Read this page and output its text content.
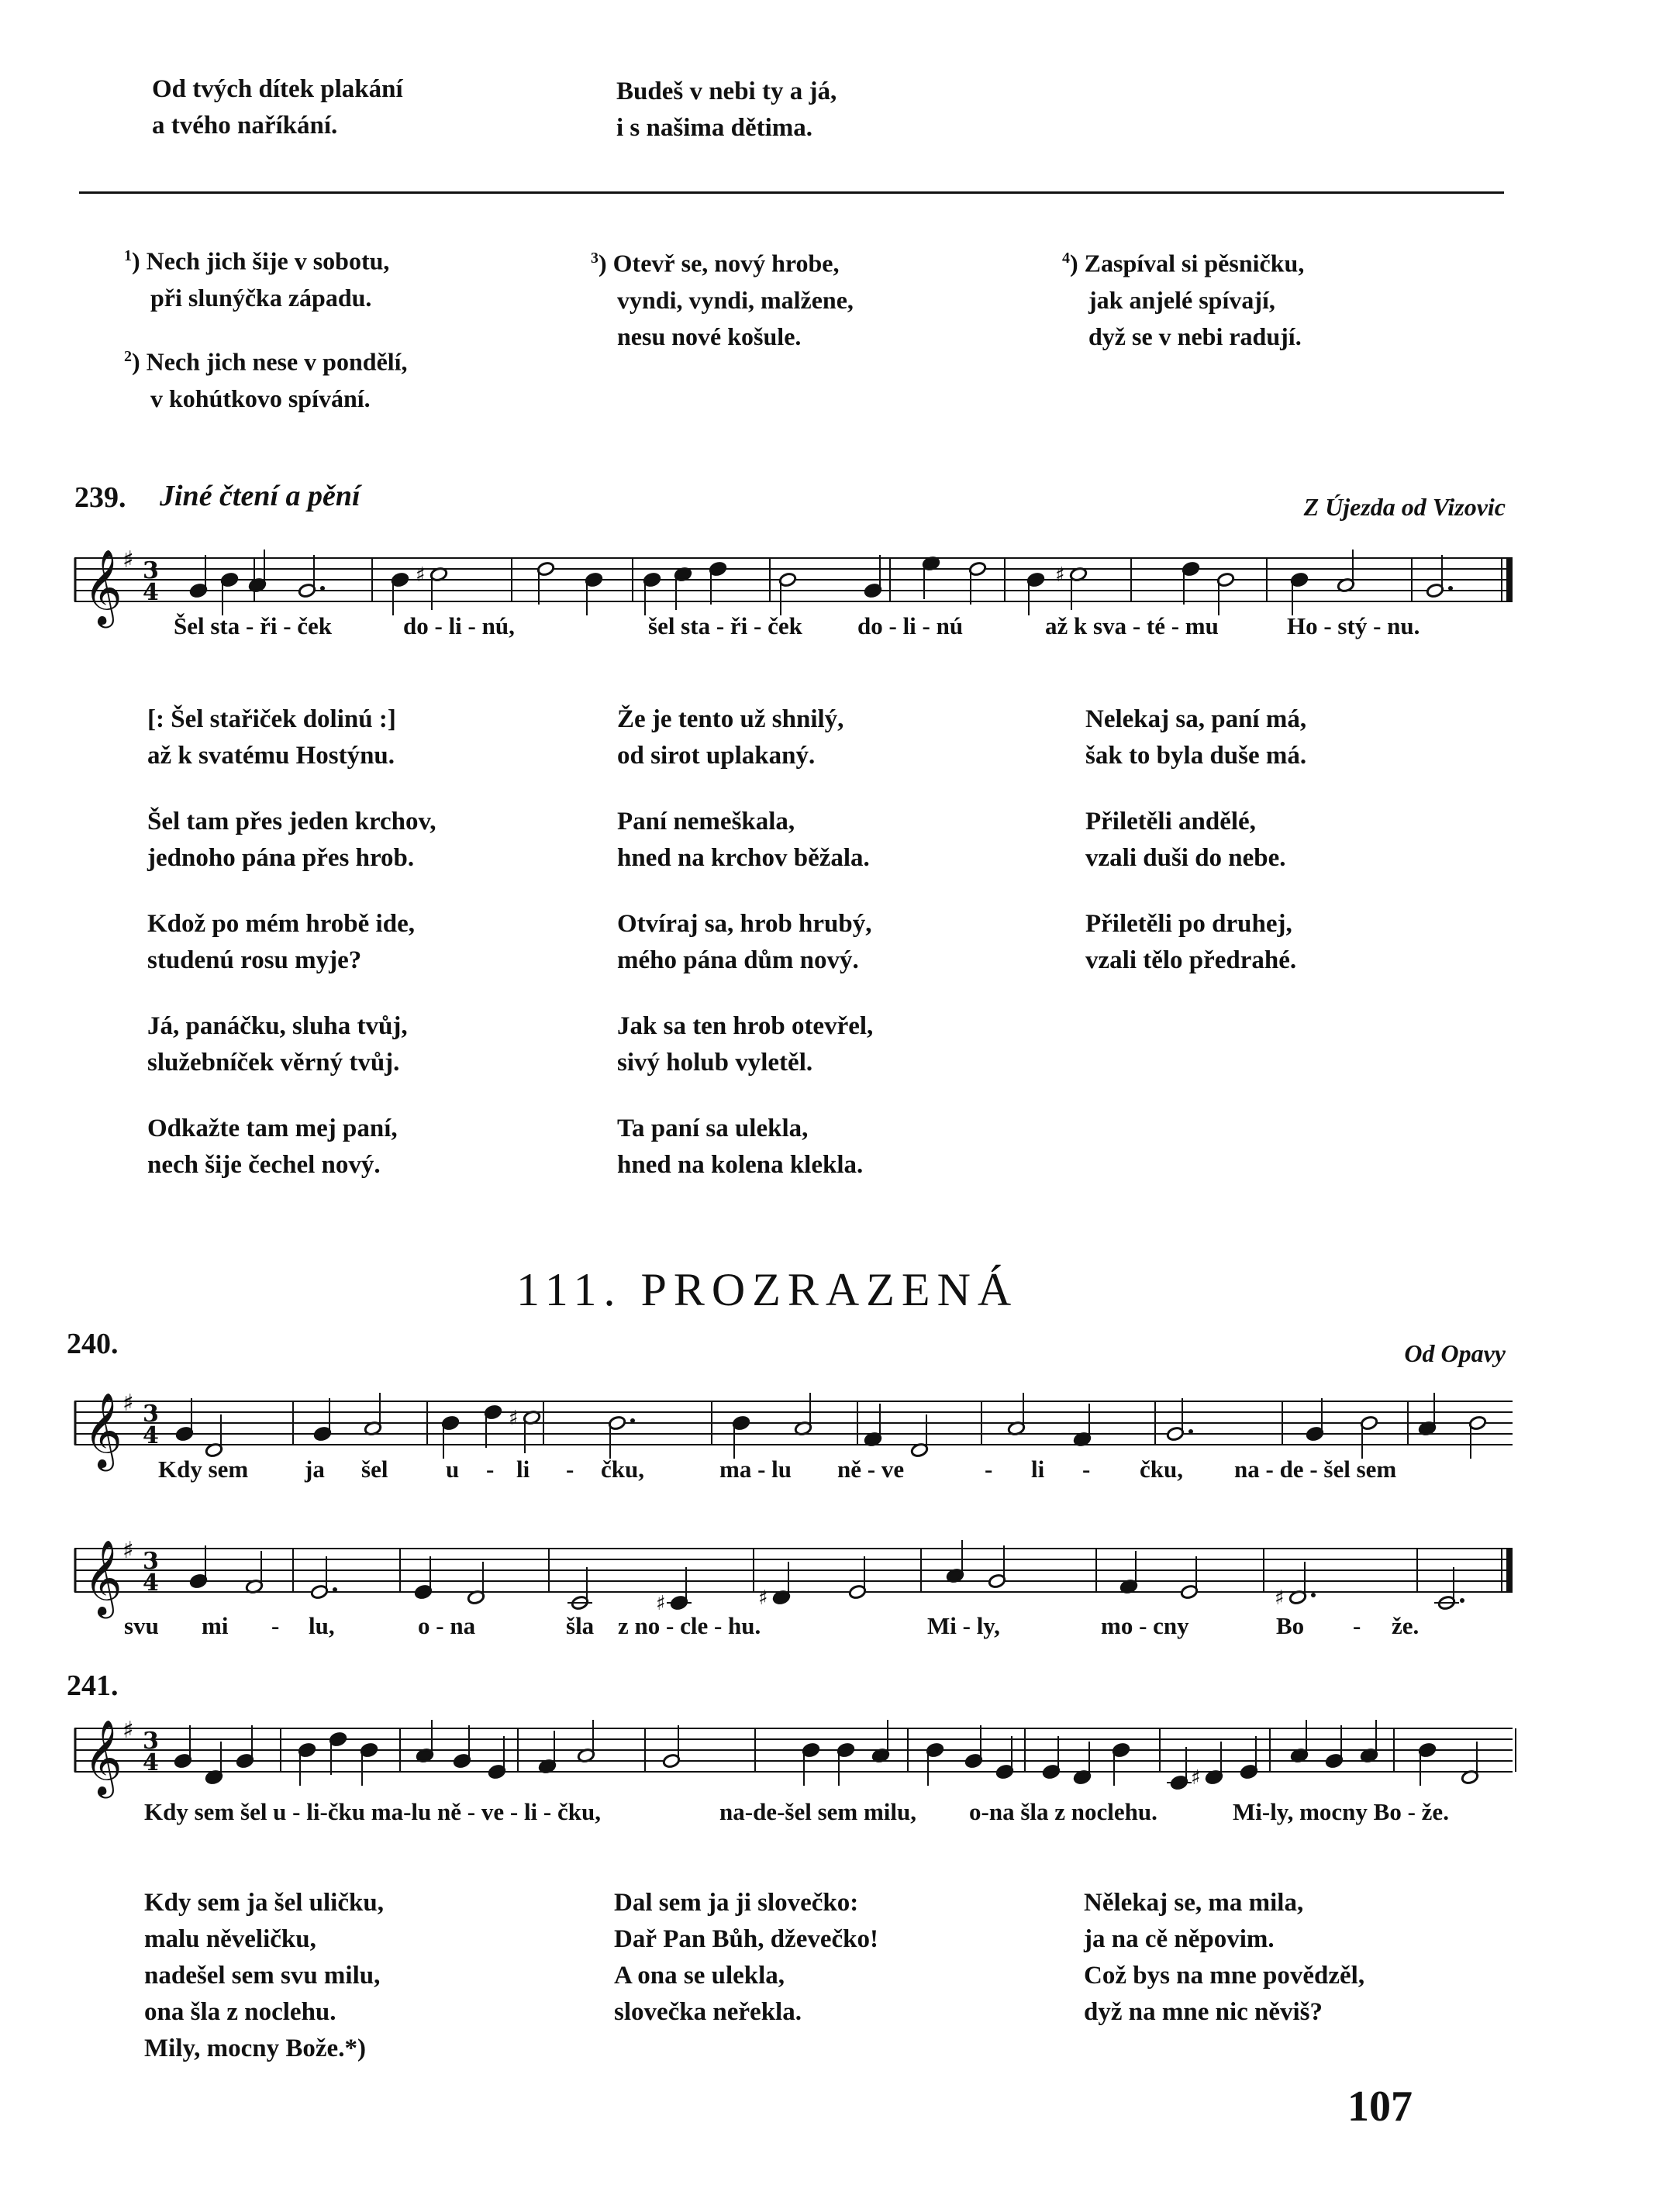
Od tvých dítek plakání
a tvého naříkání.
Budeš v nebi ty a já,
i s našima dětima.
$^1$) Nech jich šije v sobotu,
při slunýčka západu.
$^2$) Nech jich nese v pondělí,
v kohútkovo spívání.
$^3$) Otevř se, nový hrobe,
vyndi, vyndi, malžene,
nesu nové košule.
$^4$) Zaspíval si pěsničku,
jak anjelé spívají,
dyž se v nebi radují.
239. Jiné čtení a pění	Z Újezda od Vizovic
𝄞 ♯ 3
4
♯	♯
Šel sta - ři - ček	do - li - nú,	šel sta - ři - ček do - li - nú	až k sva - té - mu	Ho - stý - nu.
[: Šel stařiček dolinú :]
až k svatému Hostýnu.
Šel tam přes jeden krchov,
jednoho pána přes hrob.
Kdož po mém hrobě ide,
studenú rosu myje?
Já, panáčku, sluha tvůj,
služebníček věrný tvůj.
Odkažte tam mej paní,
nech šije čechel nový.
Že je tento už shnilý,
od sirot uplakaný.
Paní nemeškala,
hned na krchov běžala.
Otvíraj sa, hrob hrubý,
mého pána dům nový.
Jak sa ten hrob otevřel,
sivý holub vyletěl.
Ta paní sa ulekla,
hned na kolena klekla.
Nelekaj sa, paní má,
šak to byla duše má.
Přiletěli andělé,
vzali duši do nebe.
Přiletěli po druhej,
vzali tělo předrahé.
111. PROZRAZENÁ
240.	Od Opavy
𝄞 ♯ 3
4
♯
Kdy sem ja šel u - li - čku,	ma - lu ně - ve	- li - čku, na - de - šel sem
𝄞 ♯ 3
4
♯	♯	♯
svu mi - lu,	o - na	šla z no - cle - hu.	Mi - ly,	mo - cny	Bo - že.
241.
𝄞 ♯ 3
4
♯
Kdy sem šel u - li-čku ma-lu ně - ve - li - čku,	na-de-šel sem milu, o-na šla z noclehu.	Mi-ly, mocny Bo - že.
Kdy sem ja šel uličku,
malu něveličku,
nadešel sem svu milu,
ona šla z noclehu.
Mily, mocny Bože.*)
Dal sem ja ji slovečko:
Dař Pan Bůh, dževečko!
A ona se ulekla,
slovečka neřekla.
Nělekaj se, ma mila,
ja na cě něpovim.
Což bys na mne povědzěl,
dyž na mne nic něviš?
107
